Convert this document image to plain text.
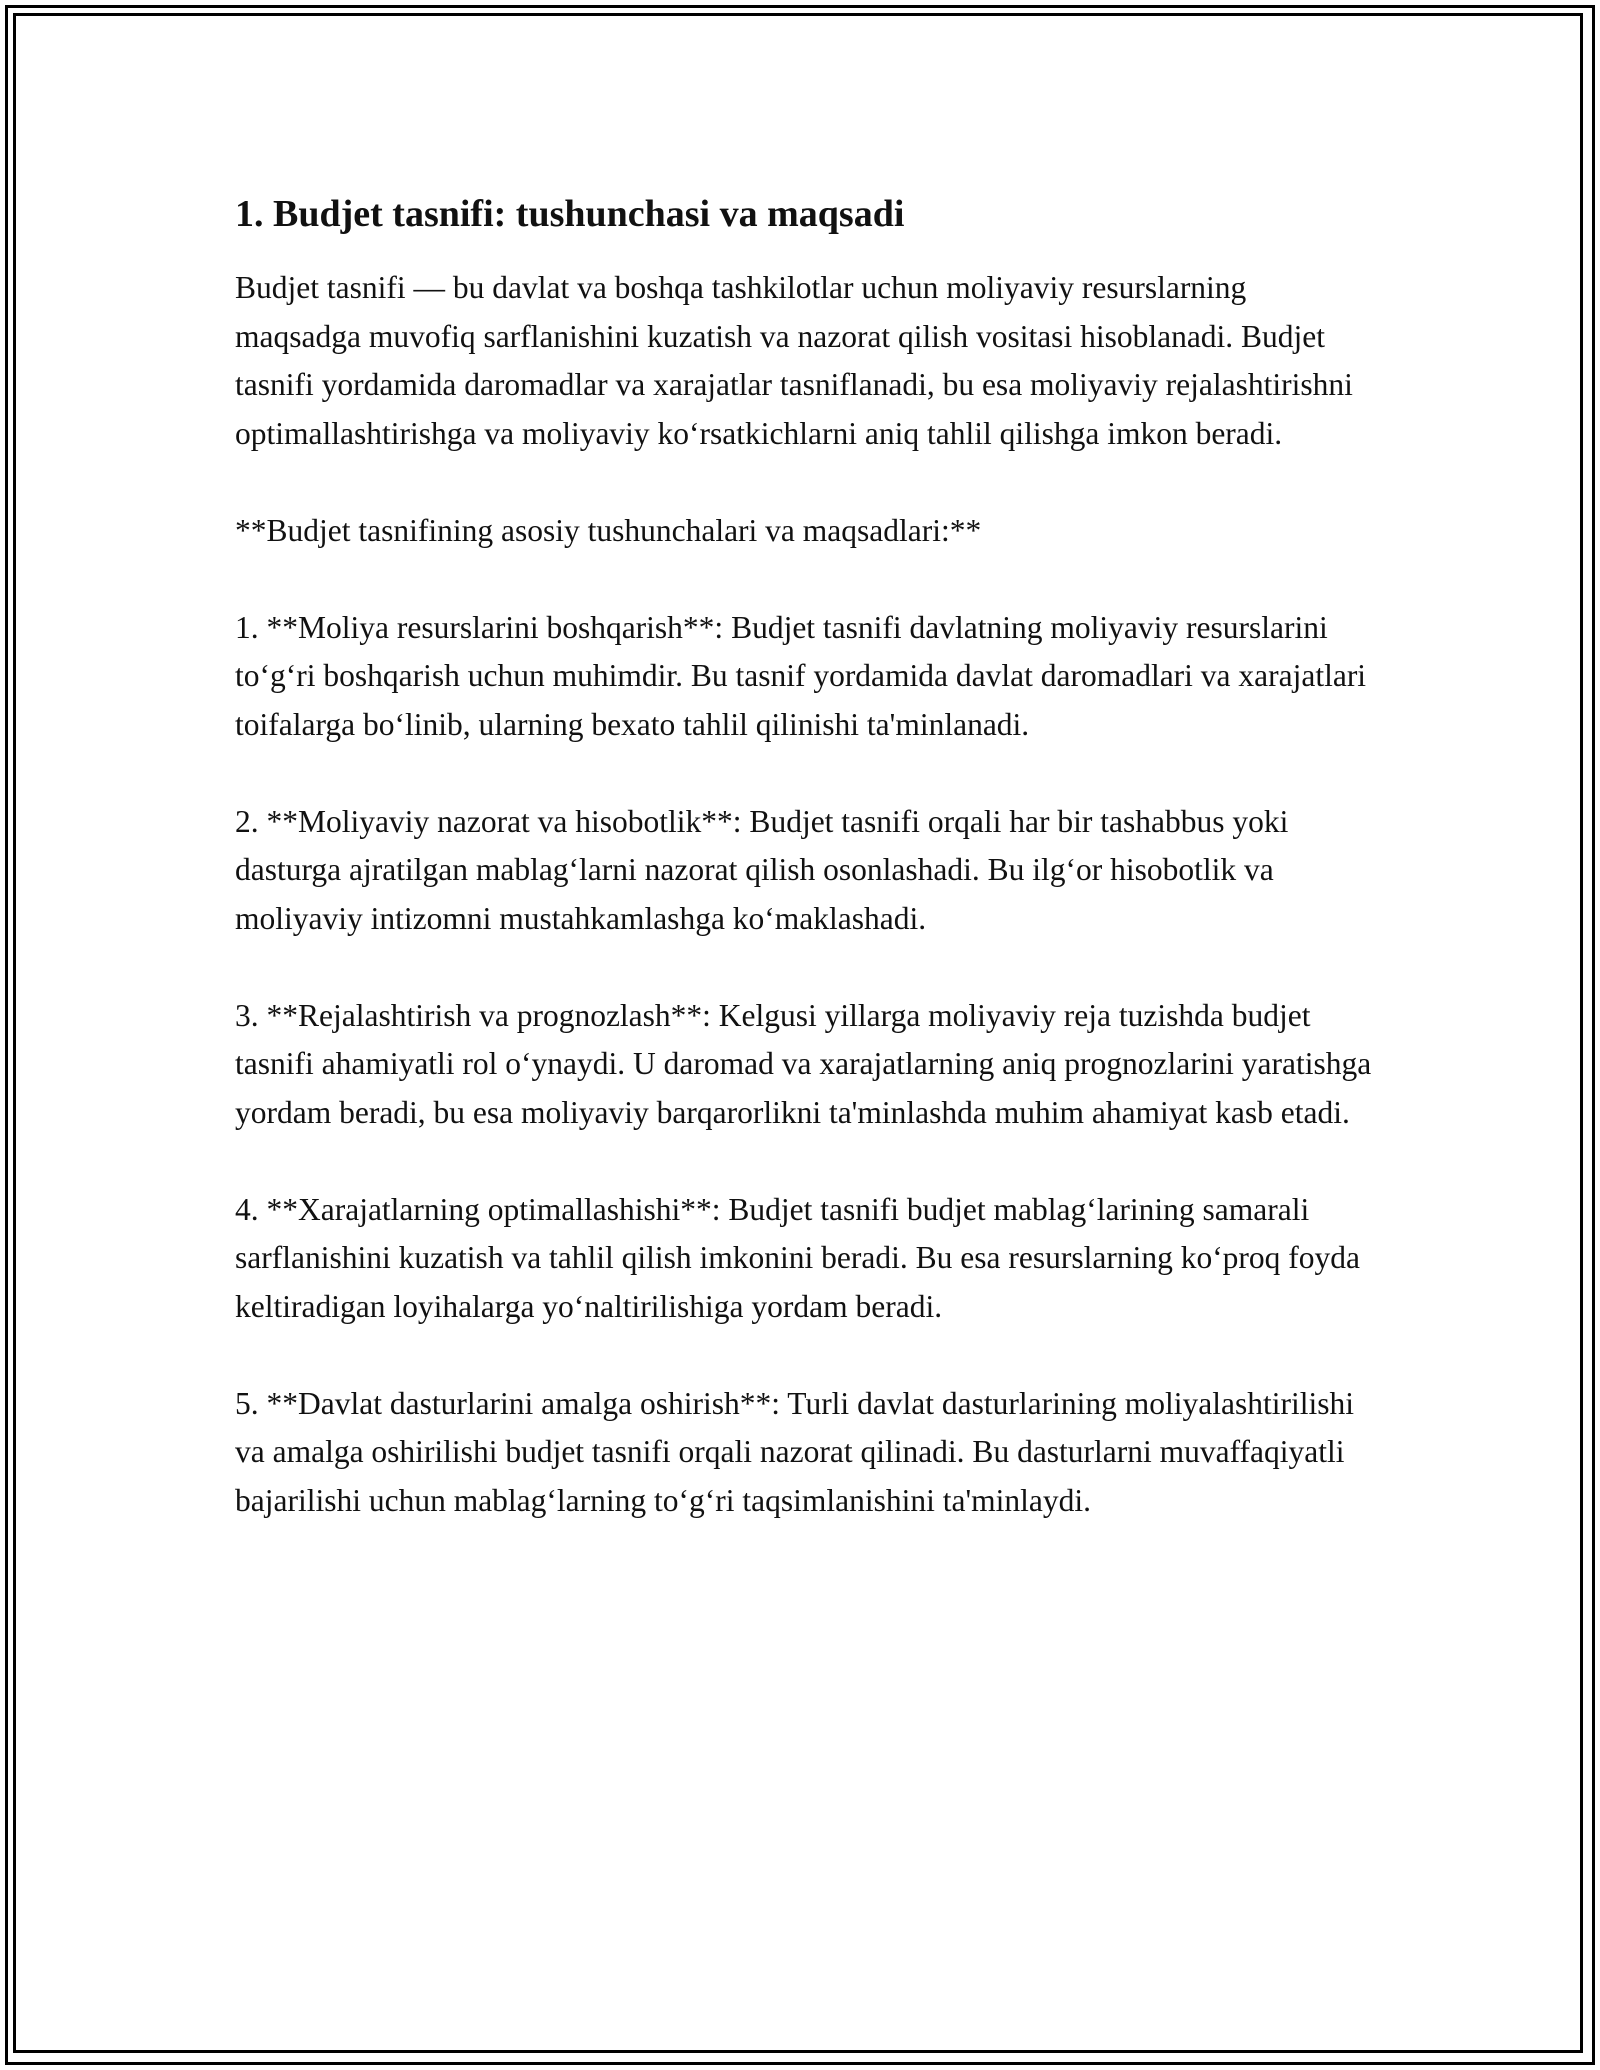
1. Budjet tasnifi: tushunchasi va maqsadi

Budjet tasnifi — bu davlat va boshqa tashkilotlar uchun moliyaviy resurslarning maqsadga muvofiq sarflanishini kuzatish va nazorat qilish vositasi hisoblanadi. Budjet tasnifi yordamida daromadlar va xarajatlar tasniflanadi, bu esa moliyaviy rejalashtirishni optimallashtirishga va moliyaviy ko‘rsatkichlarni aniq tahlil qilishga imkon beradi.

**Budjet tasnifining asosiy tushunchalari va maqsadlari:**

1. **Moliya resurslarini boshqarish**: Budjet tasnifi davlatning moliyaviy resurslarini to‘g‘ri boshqarish uchun muhimdir. Bu tasnif yordamida davlat daromadlari va xarajatlari toifalarga bo‘linib, ularning bexato tahlil qilinishi ta'minlanadi.

2. **Moliyaviy nazorat va hisobotlik**: Budjet tasnifi orqali har bir tashabbus yoki dasturga ajratilgan mablag‘larni nazorat qilish osonlashadi. Bu ilg‘or hisobotlik va moliyaviy intizomni mustahkamlashga ko‘maklashadi.

3. **Rejalashtirish va prognozlash**: Kelgusi yillarga moliyaviy reja tuzishda budjet tasnifi ahamiyatli rol o‘ynaydi. U daromad va xarajatlarning aniq prognozlarini yaratishga yordam beradi, bu esa moliyaviy barqarorlikni ta'minlashda muhim ahamiyat kasb etadi.

4. **Xarajatlarning optimallashishi**: Budjet tasnifi budjet mablag‘larining samarali sarflanishini kuzatish va tahlil qilish imkonini beradi. Bu esa resurslarning ko‘proq foyda keltiradigan loyihalarga yo‘naltirilishiga yordam beradi.

5. **Davlat dasturlarini amalga oshirish**: Turli davlat dasturlarining moliyalashtirilishi va amalga oshirilishi budjet tasnifi orqali nazorat qilinadi. Bu dasturlarni muvaffaqiyatli bajarilishi uchun mablag‘larning to‘g‘ri taqsimlanishini ta'minlaydi.
